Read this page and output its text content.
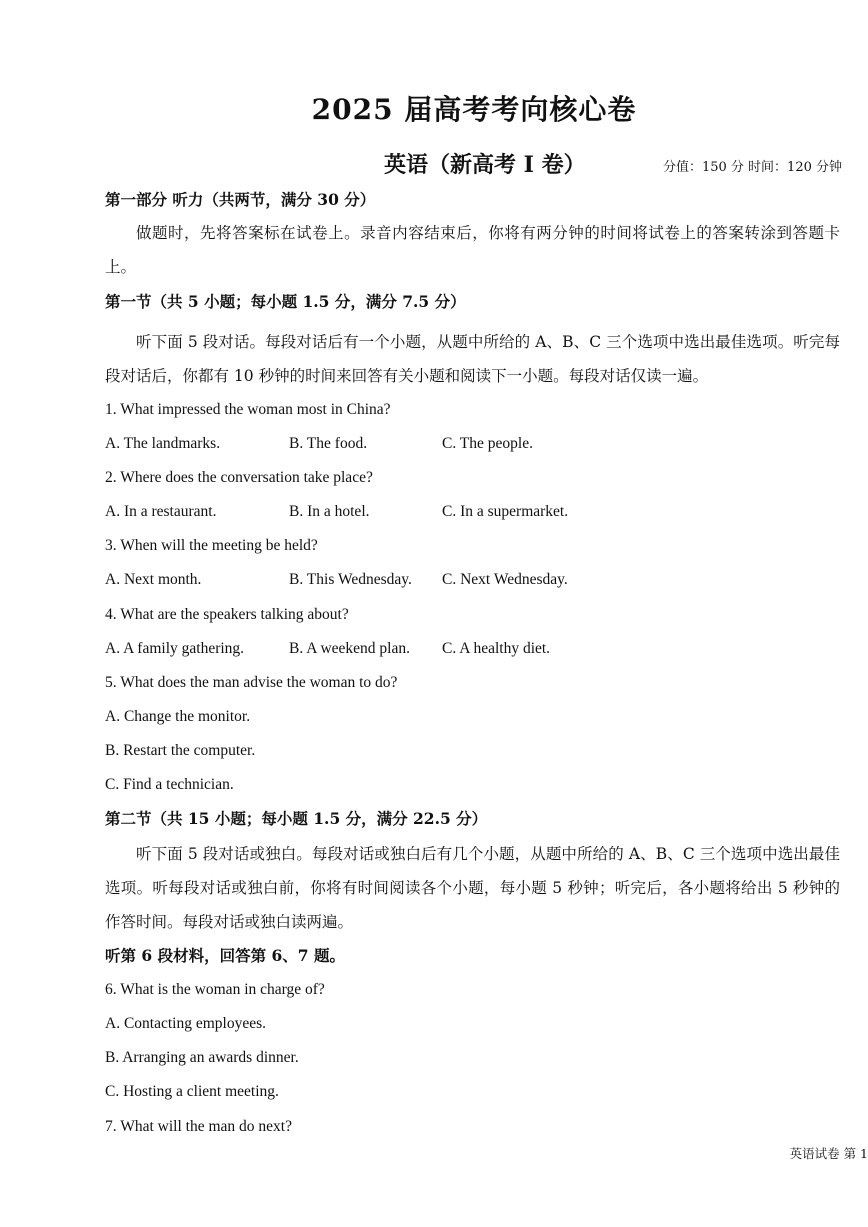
2025 届高考考向核心卷
英语（新高考 I 卷）	分值：150 分 时间：120 分钟
第一部分 听力（共两节，满分 30 分）
做题时，先将答案标在试卷上。录音内容结束后，你将有两分钟的时间将试卷上的答案转涂到答题卡上。
第一节（共 5 小题；每小题 1.5 分，满分 7.5 分）
听下面 5 段对话。每段对话后有一个小题，从题中所给的 A、B、C 三个选项中选出最佳选项。听完每段对话后，你都有 10 秒钟的时间来回答有关小题和阅读下一小题。每段对话仅读一遍。
1. What impressed the woman most in China?
A. The landmarks.	B. The food.	C. The people.
2. Where does the conversation take place?
A. In a restaurant.	B. In a hotel.	C. In a supermarket.
3. When will the meeting be held?
A. Next month.	B. This Wednesday. C. Next Wednesday.
4. What are the speakers talking about?
A. A family gathering.	B. A weekend plan. C. A healthy diet.
5. What does the man advise the woman to do?
A. Change the monitor.
B. Restart the computer.
C. Find a technician.
第二节（共 15 小题；每小题 1.5 分，满分 22.5 分）
听下面 5 段对话或独白。每段对话或独白后有几个小题，从题中所给的 A、B、C 三个选项中选出最佳选项。听每段对话或独白前，你将有时间阅读各个小题，每小题 5 秒钟；听完后，各小题将给出 5 秒钟的作答时间。每段对话或独白读两遍。
听第 6 段材料，回答第 6、7 题。
6. What is the woman in charge of?
A. Contacting employees.
B. Arranging an awards dinner.
C. Hosting a client meeting.
7. What will the man do next?
英语试卷 第 1
